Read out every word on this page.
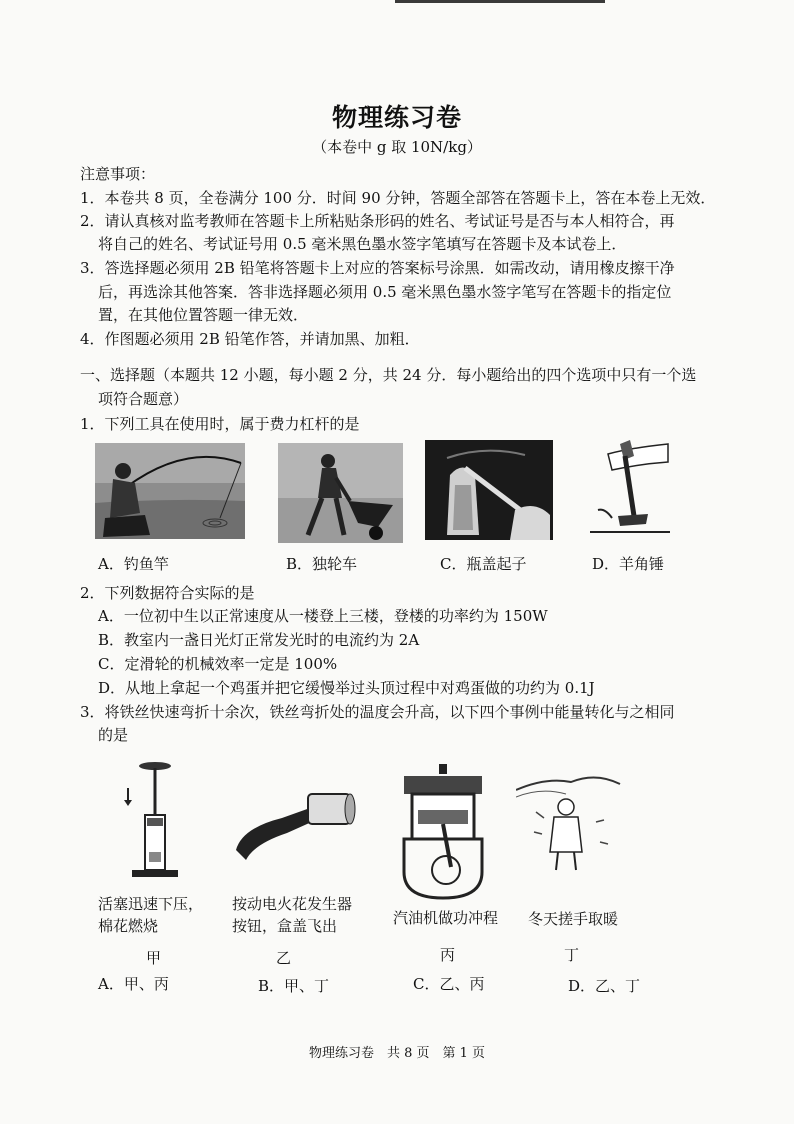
物理练习卷
（本卷中 g 取 10N/kg）
注意事项：
1．本卷共 8 页，全卷满分 100 分．时间 90 分钟，答题全部答在答题卡上，答在本卷上无效．
2．请认真核对监考教师在答题卡上所粘贴条形码的姓名、考试证号是否与本人相符合，再
将自己的姓名、考试证号用 0.5 毫米黑色墨水签字笔填写在答题卡及本试卷上．
3．答选择题必须用 2B 铅笔将答题卡上对应的答案标号涂黑．如需改动，请用橡皮擦干净
后，再选涂其他答案．答非选择题必须用 0.5 毫米黑色墨水签字笔写在答题卡的指定位
置，在其他位置答题一律无效．
4．作图题必须用 2B 铅笔作答，并请加黑、加粗．
一、选择题（本题共 12 小题，每小题 2 分，共 24 分．每小题给出的四个选项中只有一个选
项符合题意）
1．下列工具在使用时，属于费力杠杆的是
A．钓鱼竿	B．独轮车	C．瓶盖起子	D．羊角锤
2．下列数据符合实际的是
A．一位初中生以正常速度从一楼登上三楼，登楼的功率约为 150W
B．教室内一盏日光灯正常发光时的电流约为 2A
C．定滑轮的机械效率一定是 100%
D．从地上拿起一个鸡蛋并把它缓慢举过头顶过程中对鸡蛋做的功约为 0.1J
3．将铁丝快速弯折十余次，铁丝弯折处的温度会升高，以下四个事例中能量转化与之相同
的是
活塞迅速下压，
棉花燃烧
按动电火花发生器
按钮，盒盖飞出	汽油机做功冲程 冬天搓手取暖
甲	乙	丙	丁
A．甲、丙	B．甲、丁	C．乙、丙	D．乙、丁
物理练习卷　共 8 页　第 1 页
